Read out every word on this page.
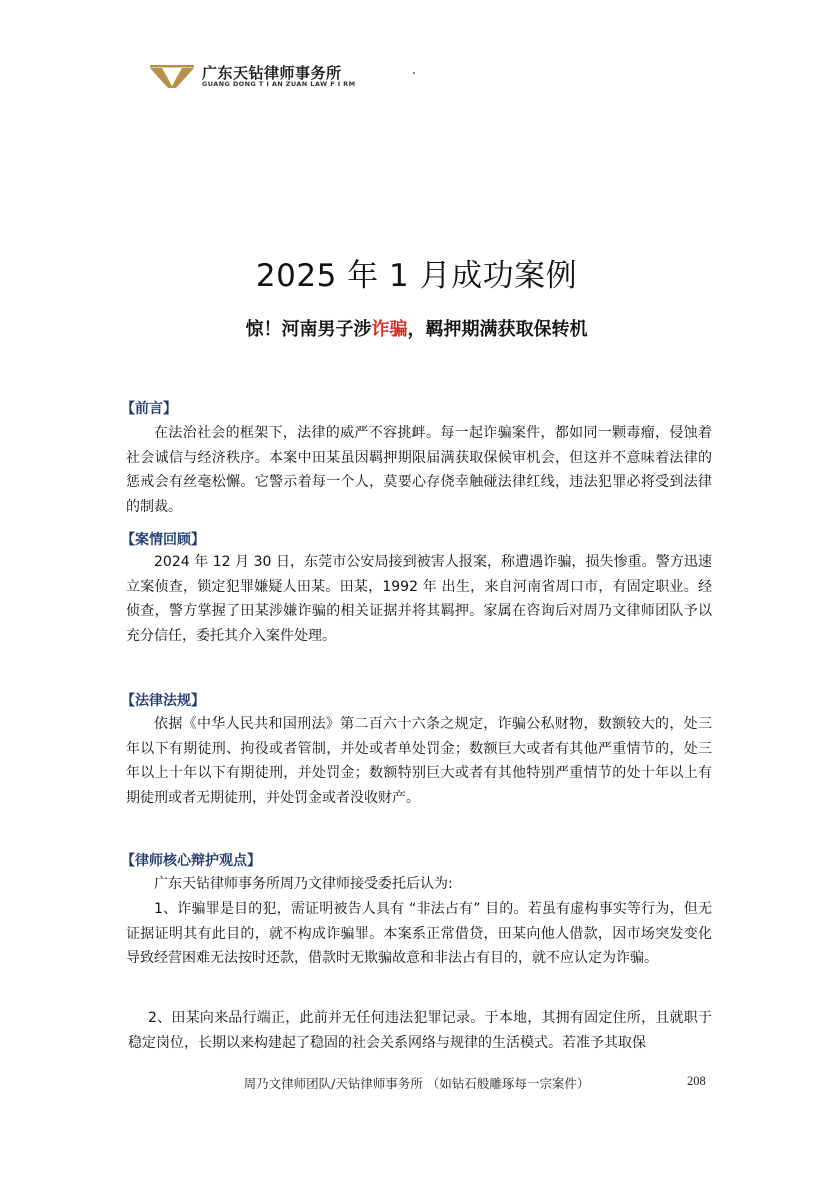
T 广东天钻律师事务所
GUANG DONG T I AN ZUAN LAW F I RM
2025 年 1 月成功案例
惊！河南男子涉诈骗，羁押期满获取保转机
【前言】
在法治社会的框架下，法律的威严不容挑衅。每一起诈骗案件，都如同一颗毒瘤，侵蚀着社会诚信与经济秩序。本案中田某虽因羁押期限届满获取保候审机会，但这并不意味着法律的惩戒会有丝毫松懈。它警示着每一个人，莫要心存侥幸触碰法律红线，违法犯罪必将受到法律的制裁。
【案情回顾】
2024 年 12 月 30 日，东莞市公安局接到被害人报案，称遭遇诈骗，损失惨重。警方迅速立案侦查，锁定犯罪嫌疑人田某。田某，1992 年 出生，来自河南省周口市，有固定职业。经侦查，警方掌握了田某涉嫌诈骗的相关证据并将其羁押。家属在咨询后对周乃文律师团队予以充分信任，委托其介入案件处理。
【法律法规】
依据《中华人民共和国刑法》第二百六十六条之规定，诈骗公私财物，数额较大的，处三年以下有期徒刑、拘役或者管制，并处或者单处罚金；数额巨大或者有其他严重情节的，处三年以上十年以下有期徒刑，并处罚金；数额特别巨大或者有其他特别严重情节的处十年以上有期徒刑或者无期徒刑，并处罚金或者没收财产。
【律师核心辩护观点】
广东天钻律师事务所周乃文律师接受委托后认为:
1、诈骗罪是目的犯，需证明被告人具有 “非法占有” 目的。若虽有虚构事实等行为，但无证据证明其有此目的，就不构成诈骗罪。本案系正常借贷，田某向他人借款，因市场突发变化导致经营困难无法按时还款，借款时无欺骗故意和非法占有目的，就不应认定为诈骗。
2、田某向来品行端正，此前并无任何违法犯罪记录。于本地，其拥有固定住所，且就职于稳定岗位，长期以来构建起了稳固的社会关系网络与规律的生活模式。若准予其取保
周乃文律师团队/天钻律师事务所 （如钻石般雕琢每一宗案件）	208
